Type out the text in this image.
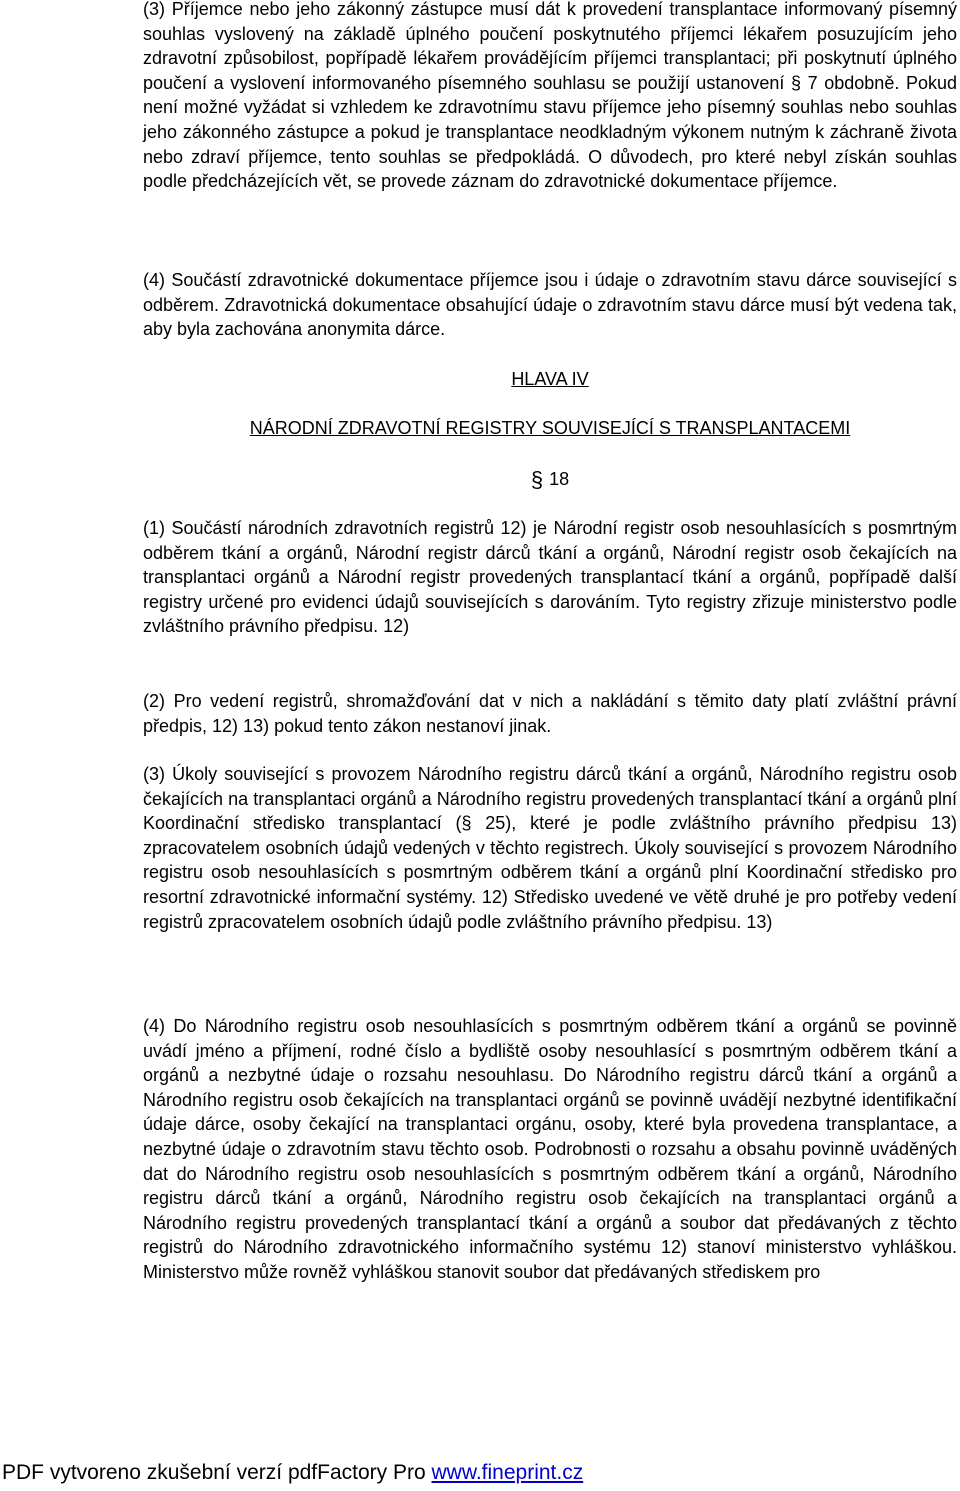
(3) Příjemce nebo jeho zákonný zástupce musí dát k provedení transplantace informovaný písemný souhlas vyslovený na základě úplného poučení poskytnutého příjemci lékařem posuzujícím jeho zdravotní způsobilost, popřípadě lékařem provádějícím příjemci transplantaci; při poskytnutí úplného poučení a vyslovení informovaného písemného souhlasu se použijí ustanovení § 7 obdobně. Pokud není možné vyžádat si vzhledem ke zdravotnímu stavu příjemce jeho písemný souhlas nebo souhlas jeho zákonného zástupce a pokud je transplantace neodkladným výkonem nutným k záchraně života nebo zdraví příjemce, tento souhlas se předpokládá. O důvodech, pro které nebyl získán souhlas podle předcházejících vět, se provede záznam do zdravotnické dokumentace příjemce.

(4) Součástí zdravotnické dokumentace příjemce jsou i údaje o zdravotním stavu dárce související s odběrem. Zdravotnická dokumentace obsahující údaje o zdravotním stavu dárce musí být vedena tak, aby byla zachována anonymita dárce.

HLAVA IV

NÁRODNÍ ZDRAVOTNÍ REGISTRY SOUVISEJÍCÍ S TRANSPLANTACEMI

§ 18

(1) Součástí národních zdravotních registrů 12) je Národní registr osob nesouhlasících s posmrtným odběrem tkání a orgánů, Národní registr dárců tkání a orgánů, Národní registr osob čekajících na transplantaci orgánů a Národní registr provedených transplantací tkání a orgánů, popřípadě další registry určené pro evidenci údajů souvisejících s darováním. Tyto registry zřizuje ministerstvo podle zvláštního právního předpisu. 12)

(2) Pro vedení registrů, shromažďování dat v nich a nakládání s těmito daty platí zvláštní právní předpis, 12) 13) pokud tento zákon nestanoví jinak.

(3) Úkoly související s provozem Národního registru dárců tkání a orgánů, Národního registru osob čekajících na transplantaci orgánů a Národního registru provedených transplantací tkání a orgánů plní Koordinační středisko transplantací (§ 25), které je podle zvláštního právního předpisu 13) zpracovatelem osobních údajů vedených v těchto registrech. Úkoly související s provozem Národního registru osob nesouhlasících s posmrtným odběrem tkání a orgánů plní Koordinační středisko pro resortní zdravotnické informační systémy. 12) Středisko uvedené ve větě druhé je pro potřeby vedení registrů zpracovatelem osobních údajů podle zvláštního právního předpisu. 13)

(4) Do Národního registru osob nesouhlasících s posmrtným odběrem tkání a orgánů se povinně uvádí jméno a příjmení, rodné číslo a bydliště osoby nesouhlasící s posmrtným odběrem tkání a orgánů a nezbytné údaje o rozsahu nesouhlasu. Do Národního registru dárců tkání a orgánů a Národního registru osob čekajících na transplantaci orgánů se povinně uvádějí nezbytné identifikační údaje dárce, osoby čekající na transplantaci orgánu, osoby, které byla provedena transplantace, a nezbytné údaje o zdravotním stavu těchto osob. Podrobnosti o rozsahu a obsahu povinně uváděných dat do Národního registru osob nesouhlasících s posmrtným odběrem tkání a orgánů, Národního registru dárců tkání a orgánů, Národního registru osob čekajících na transplantaci orgánů a Národního registru provedených transplantací tkání a orgánů a soubor dat předávaných z těchto registrů do Národního zdravotnického informačního systému 12) stanoví ministerstvo vyhláškou. Ministerstvo může rovněž vyhláškou stanovit soubor dat předávaných střediskem pro

PDF vytvoreno zkušební verzí pdfFactory Pro www.fineprint.cz
